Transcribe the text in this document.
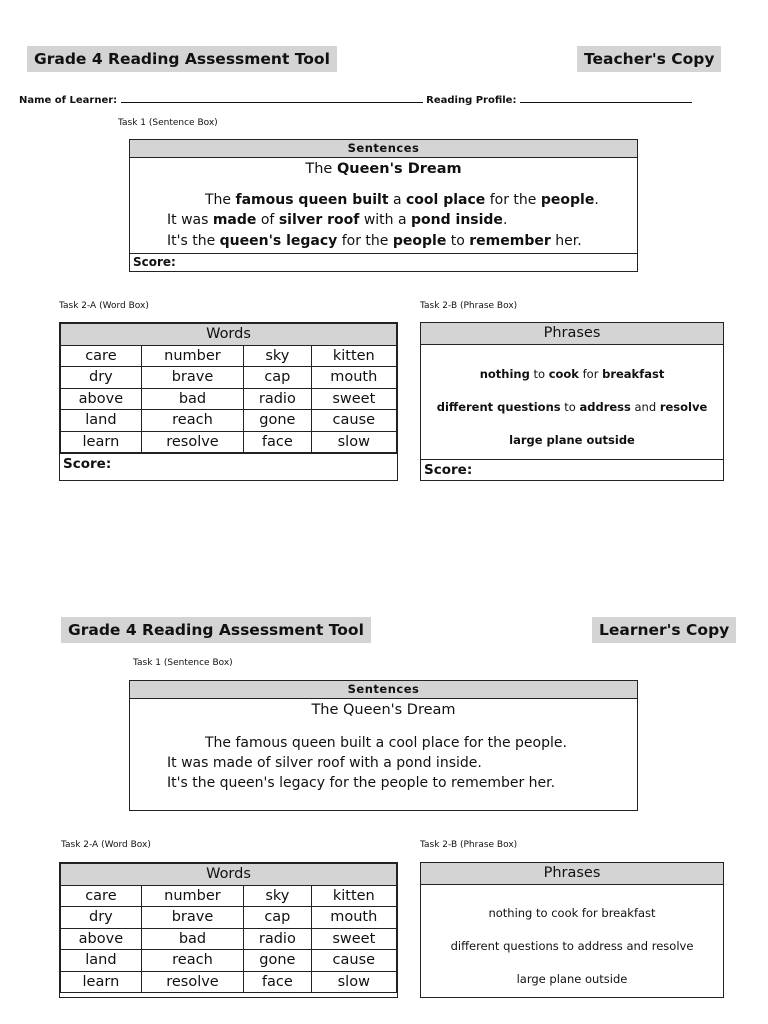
Grade 4 Reading Assessment Tool	Teacher's Copy
Name of Learner:	Reading Profile:
Task 1 (Sentence Box)
Sentences
The Queen's Dream
The famous queen built a cool place for the people.
It was made of silver roof with a pond inside.
It's the queen's legacy for the people to remember her.
Score:
Task 2-A (Word Box)	Task 2-B (Phrase Box)
Words			
care	number	sky	kitten
dry	brave	cap	mouth
above	bad	radio	sweet
land	reach	gone	cause
learn	resolve	face	slow
Score:
Phrases
nothing to cook for breakfast
different questions to address and resolve
large plane outside
Score:
Grade 4 Reading Assessment Tool	Learner's Copy
Task 1 (Sentence Box)
Sentences
The Queen's Dream
The famous queen built a cool place for the people.
It was made of silver roof with a pond inside.
It's the queen's legacy for the people to remember her.
Task 2-A (Word Box)	Task 2-B (Phrase Box)
Words			
care	number	sky	kitten
dry	brave	cap	mouth
above	bad	radio	sweet
land	reach	gone	cause
learn	resolve	face	slow
Phrases
nothing to cook for breakfast
different questions to address and resolve
large plane outside
